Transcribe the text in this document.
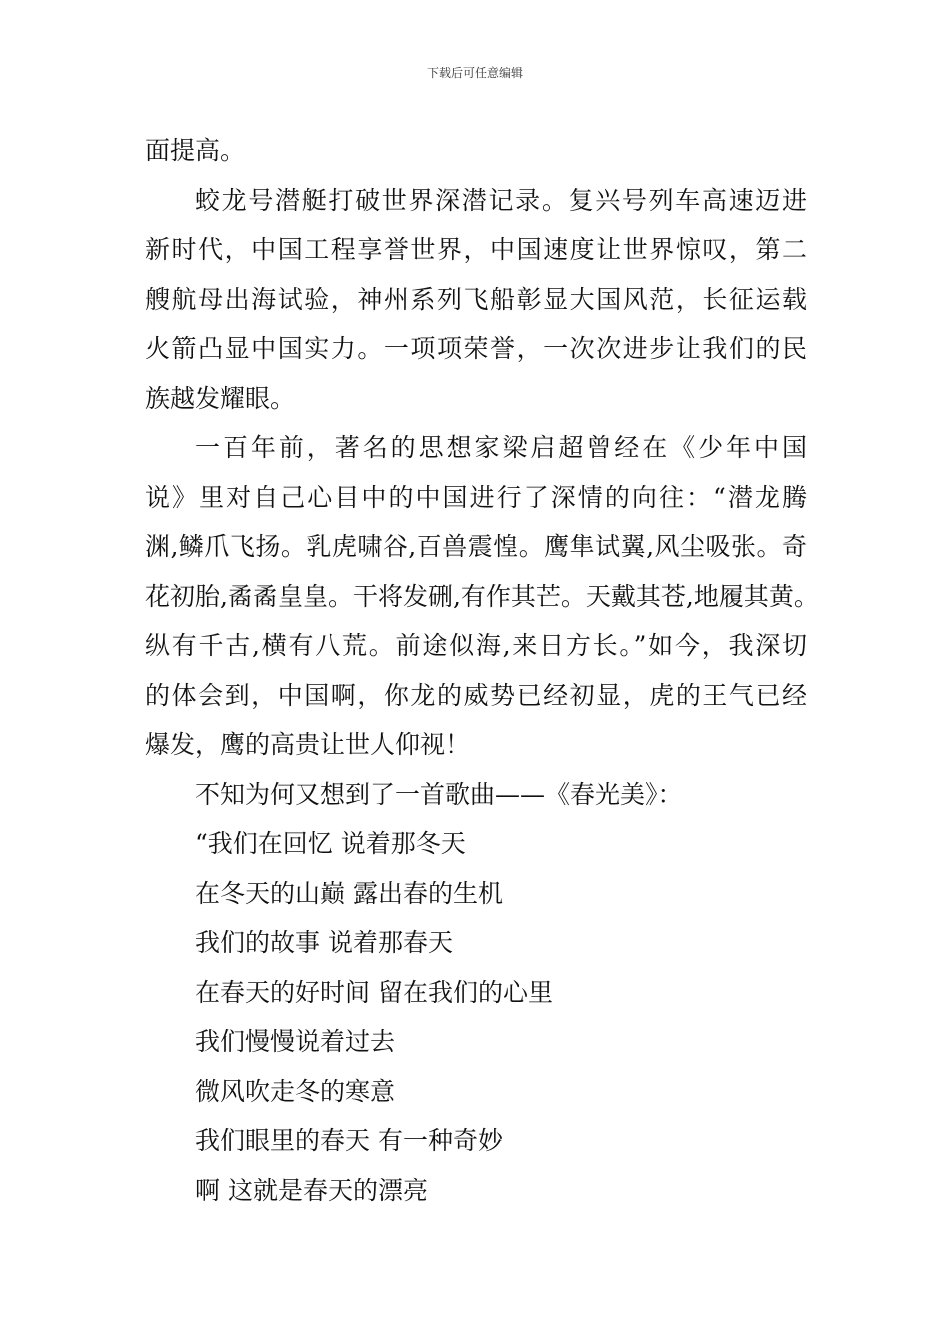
下载后可任意编辑
面提高。
蛟龙号潜艇打破世界深潜记录。复兴号列车高速迈进
新时代，中国工程享誉世界，中国速度让世界惊叹，第二
艘航母出海试验，神州系列飞船彰显大国风范，长征运载
火箭凸显中国实力。一项项荣誉，一次次进步让我们的民
族越发耀眼。
一百年前，著名的思想家梁启超曾经在《少年中国
说》里对自己心目中的中国进行了深情的向往：“潜龙腾
渊,鳞爪飞扬。乳虎啸谷,百兽震惶。鹰隼试翼,风尘吸张。奇
花初胎,矞矞皇皇。干将发硎,有作其芒。天戴其苍,地履其黄。
纵有千古,横有八荒。前途似海,来日方长。”如今，我深切
的体会到，中国啊，你龙的威势已经初显，虎的王气已经
爆发，鹰的高贵让世人仰视！
不知为何又想到了一首歌曲——《春光美》：
“我们在回忆 说着那冬天
在冬天的山巅 露出春的生机
我们的故事 说着那春天
在春天的好时间 留在我们的心里
我们慢慢说着过去
微风吹走冬的寒意
我们眼里的春天 有一种奇妙
啊 这就是春天的漂亮
